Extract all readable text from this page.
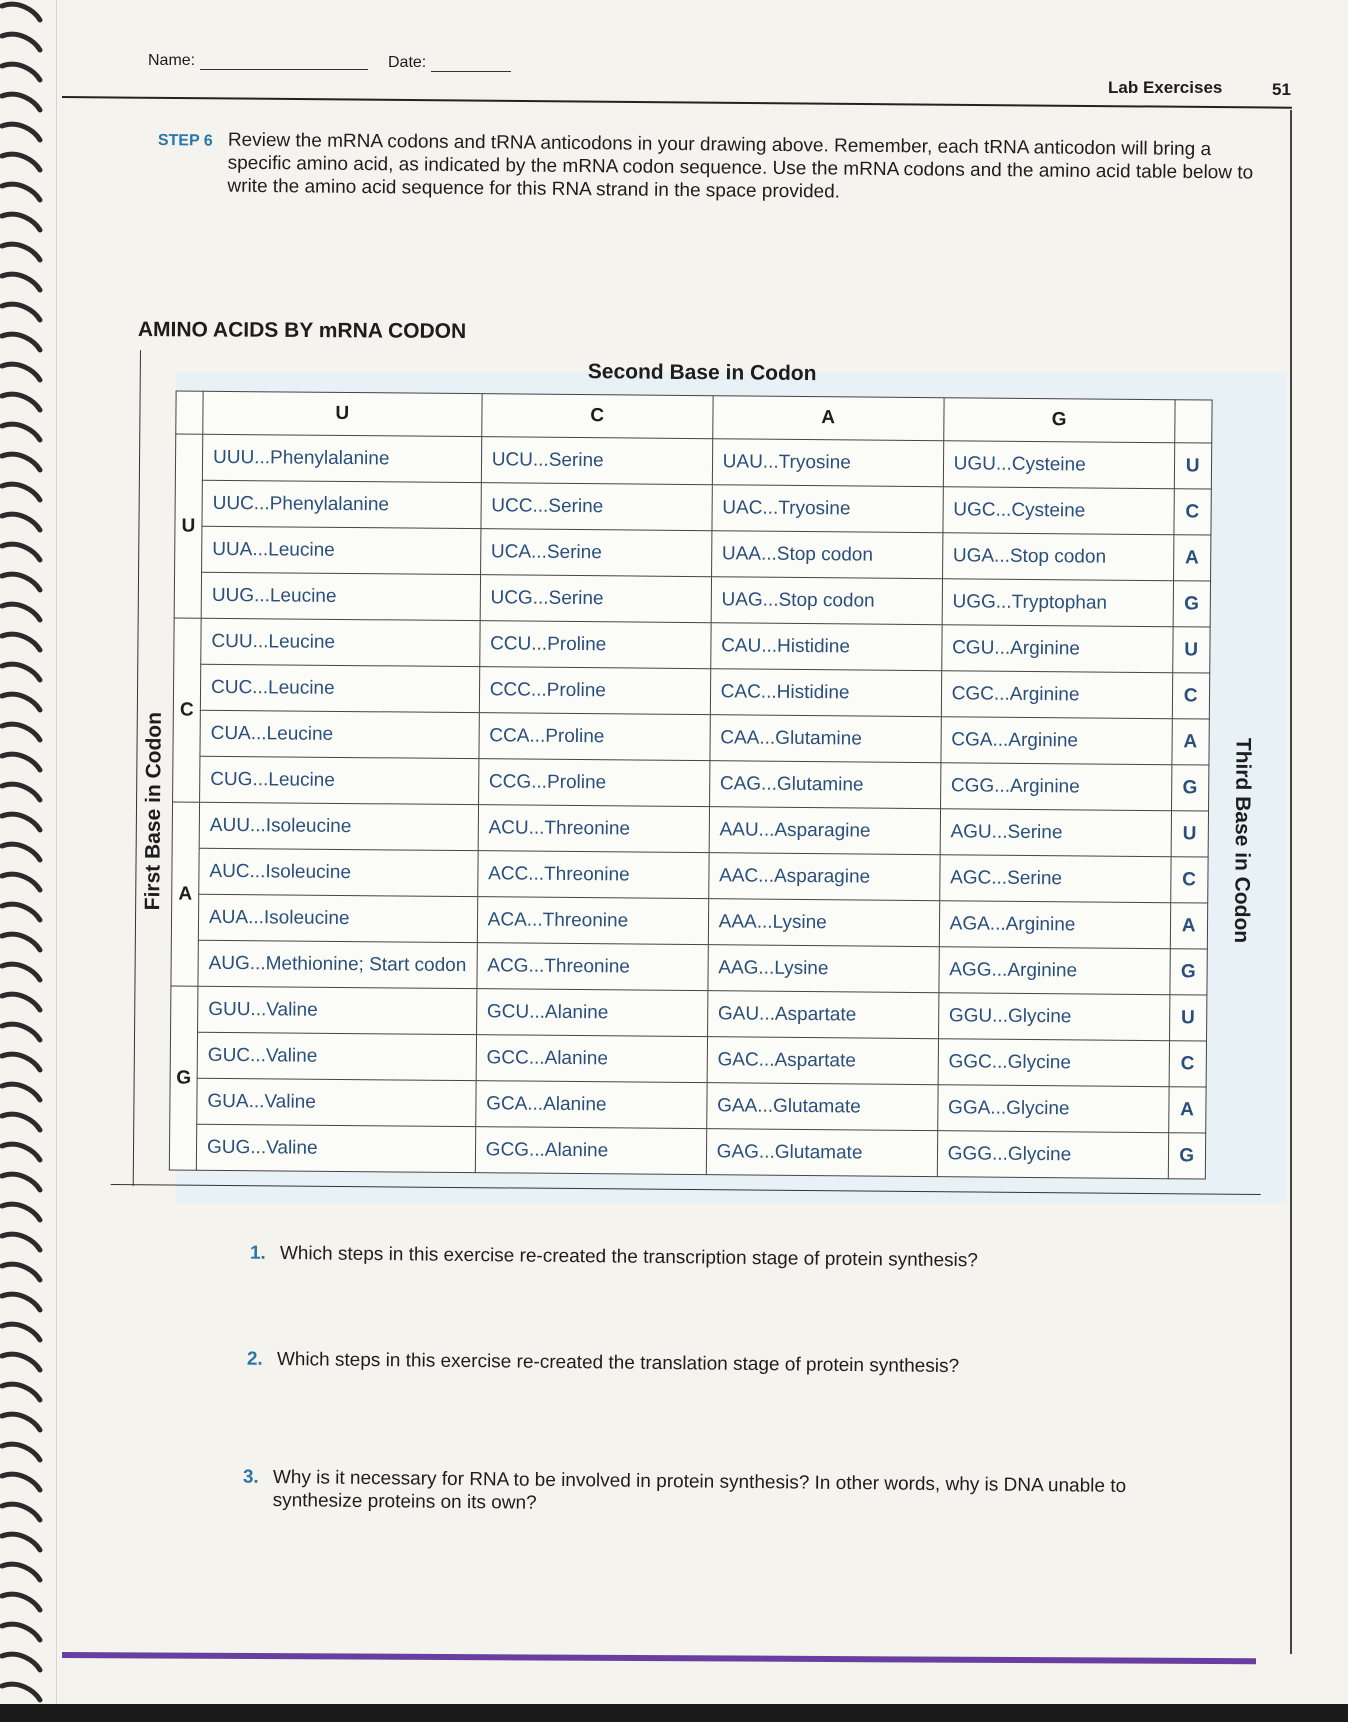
Name:	Date:
Lab Exercises	51
STEP 6 Review the mRNA codons and tRNA anticodons in your drawing above. Remember, each tRNA anticodon will bring a specific amino acid, as indicated by the mRNA codon sequence. Use the mRNA codons and the amino acid table below to write the amino acid sequence for this RNA strand in the space provided.
AMINO ACIDS BY mRNA CODON
Second Base in Codon
First Base in Codon	Third Base in Codon
	U	C	A	G	
U	UUU...Phenylalanine	UCU...Serine	UAU...Tryosine	UGU...Cysteine	U
	UUC...Phenylalanine	UCC...Serine	UAC...Tryosine	UGC...Cysteine	C
	UUA...Leucine	UCA...Serine	UAA...Stop codon	UGA...Stop codon	A
	UUG...Leucine	UCG...Serine	UAG...Stop codon	UGG...Tryptophan	G
C	CUU...Leucine	CCU...Proline	CAU...Histidine	CGU...Arginine	U
	CUC...Leucine	CCC...Proline	CAC...Histidine	CGC...Arginine	C
	CUA...Leucine	CCA...Proline	CAA...Glutamine	CGA...Arginine	A
	CUG...Leucine	CCG...Proline	CAG...Glutamine	CGG...Arginine	G
A	AUU...Isoleucine	ACU...Threonine	AAU...Asparagine	AGU...Serine	U
	AUC...Isoleucine	ACC...Threonine	AAC...Asparagine	AGC...Serine	C
	AUA...Isoleucine	ACA...Threonine	AAA...Lysine	AGA...Arginine	A
	AUG...Methionine; Start codon	ACG...Threonine	AAG...Lysine	AGG...Arginine	G
G	GUU...Valine	GCU...Alanine	GAU...Aspartate	GGU...Glycine	U
	GUC...Valine	GCC...Alanine	GAC...Aspartate	GGC...Glycine	C
	GUA...Valine	GCA...Alanine	GAA...Glutamate	GGA...Glycine	A
	GUG...Valine	GCG...Alanine	GAG...Glutamate	GGG...Glycine	G
1. Which steps in this exercise re-created the transcription stage of protein synthesis?
2. Which steps in this exercise re-created the translation stage of protein synthesis?
3. Why is it necessary for RNA to be involved in protein synthesis? In other words, why is DNA unable to synthesize proteins on its own?
